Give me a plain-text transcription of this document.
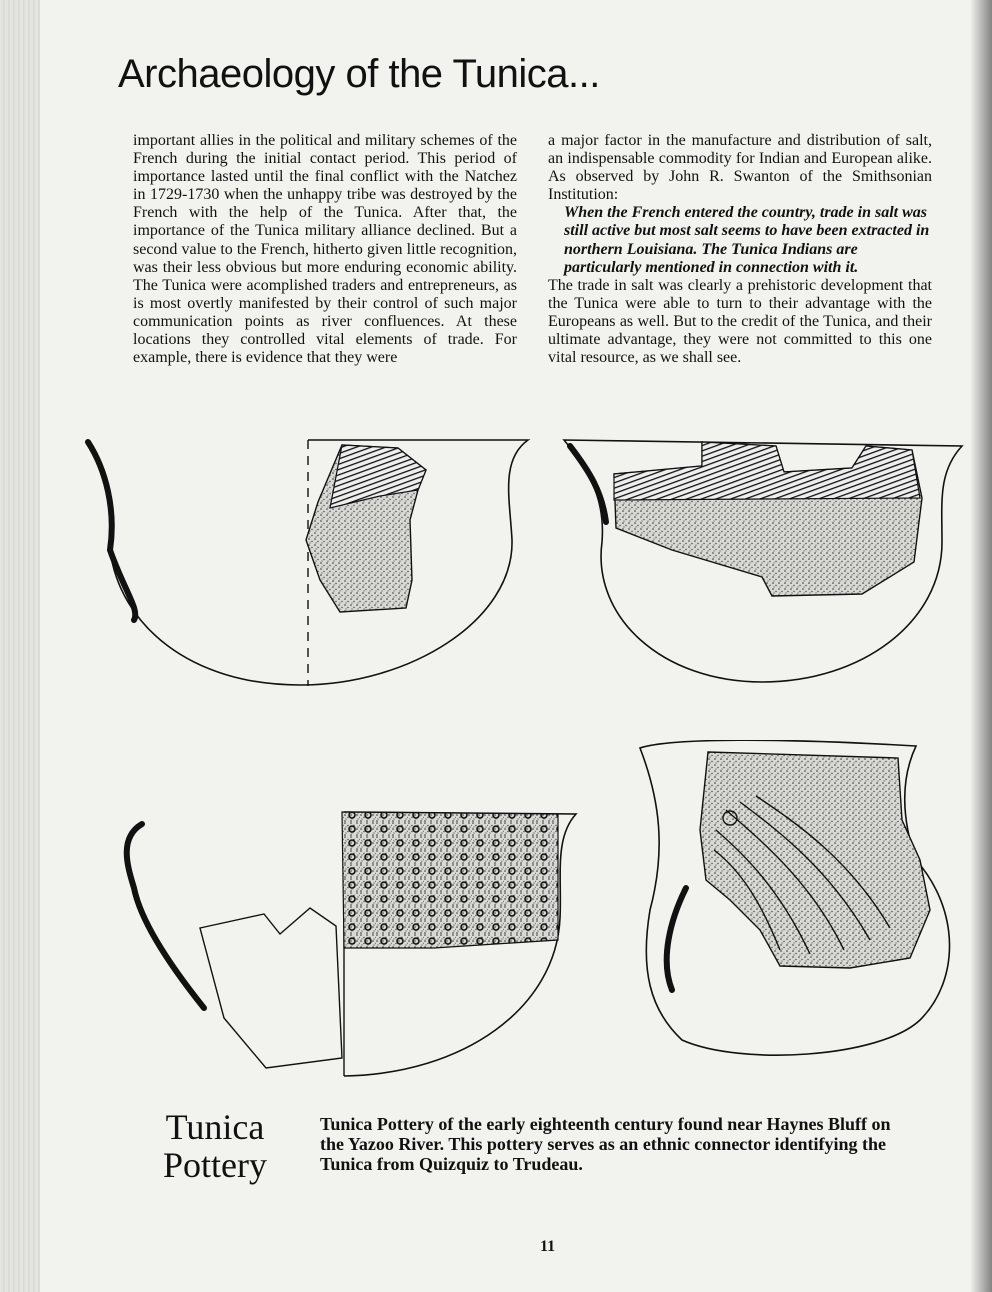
Archaeology of the Tunica...

important allies in the political and military schemes of the French during the initial contact period. This period of importance lasted until the final conflict with the Natchez in 1729-1730 when the unhappy tribe was destroyed by the French with the help of the Tunica. After that, the importance of the Tunica military alliance declined. But a second value to the French, hitherto given little recognition, was their less obvious but more enduring economic ability. The Tunica were acomplished traders and entrepreneurs, as is most overtly manifested by their control of such major communication points as river confluences. At these locations they controlled vital elements of trade. For example, there is evidence that they were

a major factor in the manufacture and distribution of salt, an indispensable commodity for Indian and European alike. As observed by John R. Swanton of the Smithsonian Institution:

When the French entered the country, trade in salt was still active but most salt seems to have been extracted in northern Louisiana. The Tunica Indians are particularly mentioned in connection with it.

The trade in salt was clearly a prehistoric development that the Tunica were able to turn to their advantage with the Europeans as well. But to the credit of the Tunica, and their ultimate advantage, they were not committed to this one vital resource, as we shall see.

Tunica
Pottery
Tunica Pottery of the early eighteenth century found near Haynes Bluff on the Yazoo River. This pottery serves as an ethnic connector identifying the Tunica from Quizquiz to Trudeau.
11
